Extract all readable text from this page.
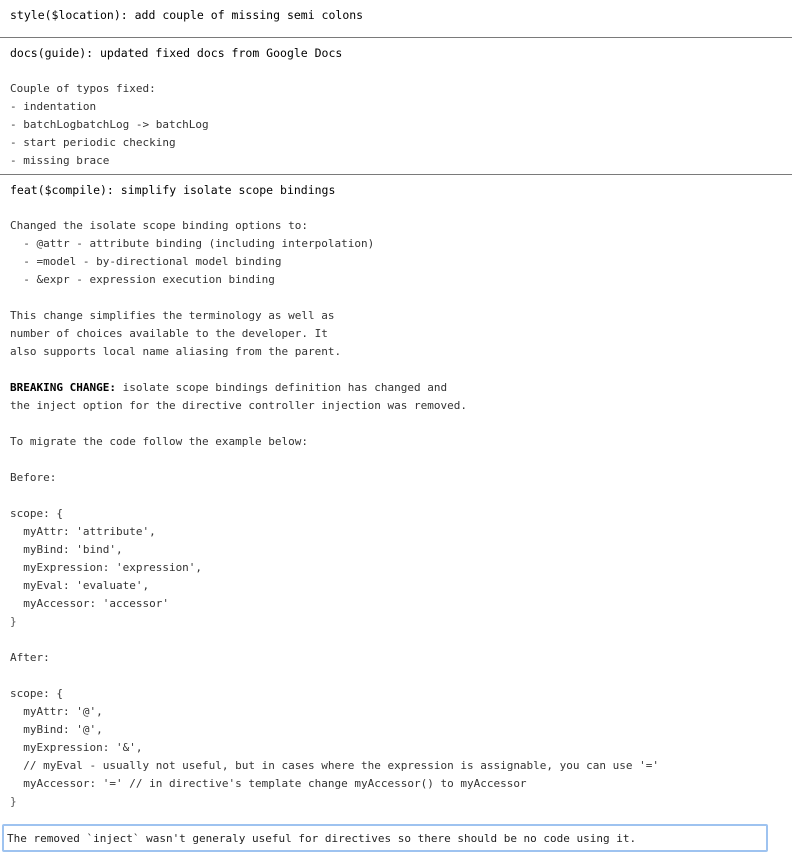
style($location): add couple of missing semi colons
docs(guide): updated fixed docs from Google Docs
Couple of typos fixed:
- indentation
- batchLogbatchLog -> batchLog
- start periodic checking
- missing brace
feat($compile): simplify isolate scope bindings
Changed the isolate scope binding options to:
- @attr - attribute binding (including interpolation)
- =model - by-directional model binding
- &expr - expression execution binding

This change simplifies the terminology as well as
number of choices available to the developer. It
also supports local name aliasing from the parent.

BREAKING CHANGE: isolate scope bindings definition has changed and
the inject option for the directive controller injection was removed.

To migrate the code follow the example below:

Before:

scope: {
myAttr: 'attribute',
myBind: 'bind',
myExpression: 'expression',
myEval: 'evaluate',
myAccessor: 'accessor'
}

After:

scope: {
myAttr: '@',
myBind: '@',
myExpression: '&',
// myEval - usually not useful, but in cases where the expression is assignable, you can use '='
myAccessor: '=' // in directive's template change myAccessor() to myAccessor
}
The removed `inject` wasn't generaly useful for directives so there should be no code using it.
